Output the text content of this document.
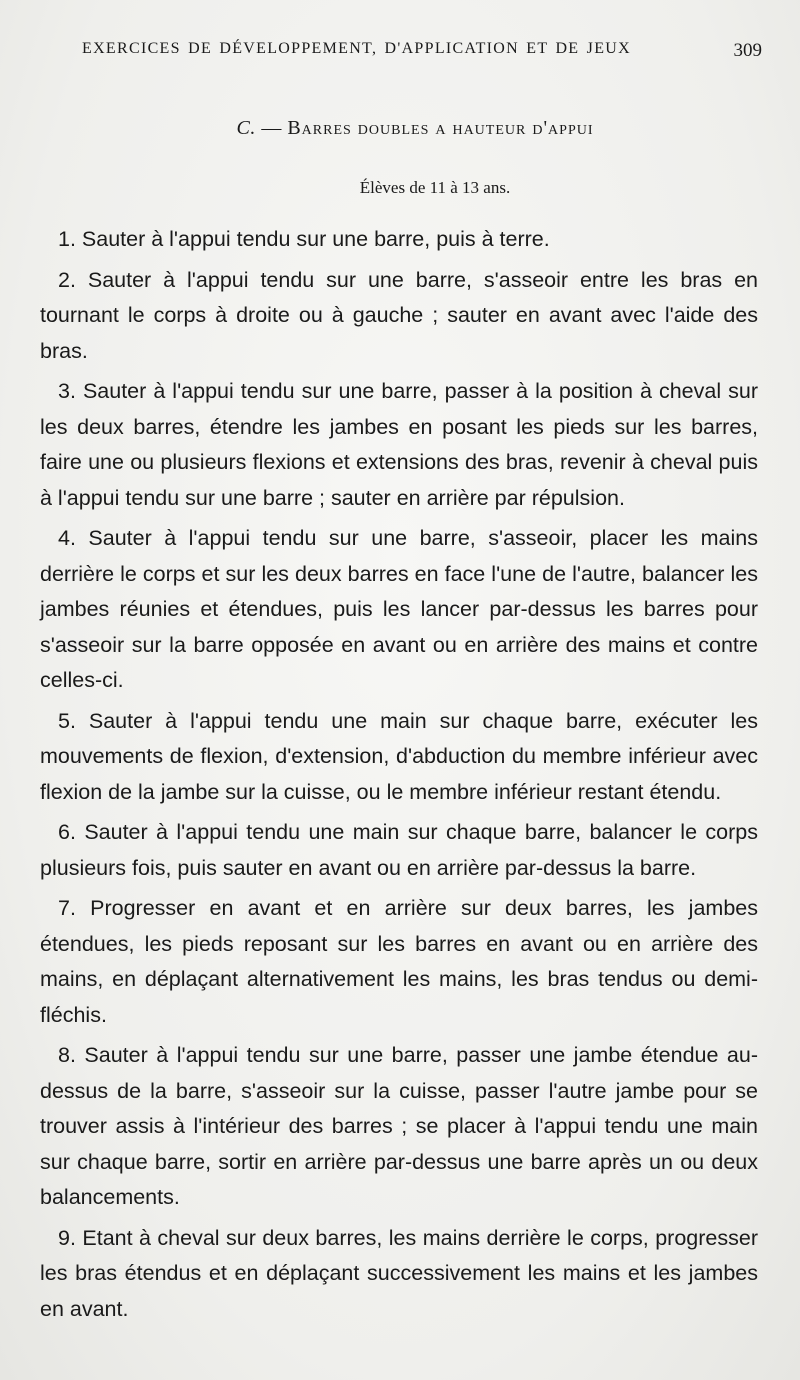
EXERCICES DE DÉVELOPPEMENT, D'APPLICATION ET DE JEUX	309
C. — Barres doubles a hauteur d'appui
Élèves de 11 à 13 ans.

1. Sauter à l'appui tendu sur une barre, puis à terre.

2. Sauter à l'appui tendu sur une barre, s'asseoir entre les bras en tournant le corps à droite ou à gauche ; sauter en avant avec l'aide des bras.

3. Sauter à l'appui tendu sur une barre, passer à la position à cheval sur les deux barres, étendre les jambes en posant les pieds sur les barres, faire une ou plusieurs flexions et extensions des bras, revenir à cheval puis à l'appui tendu sur une barre ; sauter en arrière par répulsion.

4. Sauter à l'appui tendu sur une barre, s'asseoir, placer les mains derrière le corps et sur les deux barres en face l'une de l'autre, balancer les jambes réunies et étendues, puis les lancer par-dessus les barres pour s'asseoir sur la barre opposée en avant ou en arrière des mains et contre celles-ci.

5. Sauter à l'appui tendu une main sur chaque barre, exécuter les mouvements de flexion, d'extension, d'abduction du membre inférieur avec flexion de la jambe sur la cuisse, ou le membre inférieur restant étendu.

6. Sauter à l'appui tendu une main sur chaque barre, balancer le corps plusieurs fois, puis sauter en avant ou en arrière par-dessus la barre.

7. Progresser en avant et en arrière sur deux barres, les jambes étendues, les pieds reposant sur les barres en avant ou en arrière des mains, en déplaçant alternativement les mains, les bras tendus ou demi-fléchis.

8. Sauter à l'appui tendu sur une barre, passer une jambe étendue au-dessus de la barre, s'asseoir sur la cuisse, passer l'autre jambe pour se trouver assis à l'intérieur des barres ; se placer à l'appui tendu une main sur chaque barre, sortir en arrière par-dessus une barre après un ou deux balancements.

9. Etant à cheval sur deux barres, les mains derrière le corps, progresser les bras étendus et en déplaçant successivement les mains et les jambes en avant.
